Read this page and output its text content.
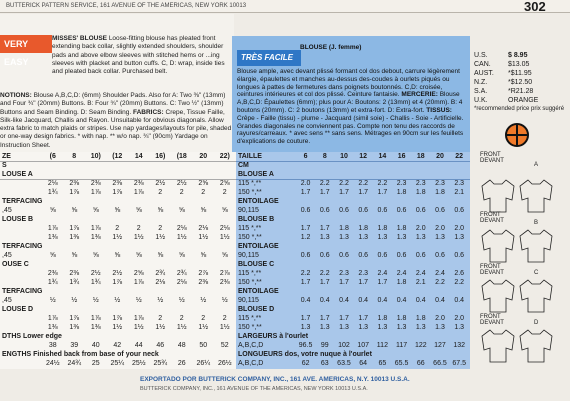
BUTTERICK PATTERN SERVICE, 161 AVENUE OF THE AMERICAS, NEW YORK 10013	302
VERY EASY
MISSES' BLOUSE Loose-fitting blouse has pleated front extending back collar, slightly extended shoulders, shoulder pads and above elbow sleeves with stitched hems or ...ing sleeves with placket and button cuffs. C, D: wrap, inside ties and pleated back collar. Purchased belt.
NOTIONS: Blouse A,B,C,D: (6mm) Shoulder Pads. Also for A: Two ⅜" (13mm) and Four ¾" (20mm) Buttons. B: Four ¾" (20mm) Buttons. C: Two ½" (13mm) Buttons and Seam Binding. D: Seam Binding. FABRICS: Crepe, Tissue Faille, Silk-like Jacquard, Challis and Rayon. Unsuitable for obvious diagonals. Allow extra fabric to match plaids or stripes. Use nap yardages/layouts for pile, shaded or one-way design fabrics. * with nap. ** w/o nap. ¾" (90cm) Yardage on Instruction Sheet.
TRÈS FACILE
BLOUSE (J. femme)
Blouse ample, avec devant plissé formant col dos debout, carrure légèrement élargie, épaulettes et manches au-dessus des-coudes à ourlets piqués ou longues à pattes de fermetures dans poignets boutonnés. C,D: croisée, ceintures intérieures et col dos plissé. Ceinture fantaisie. MERCERIE: Blouse A,B,C,D: Épaulettes (6mm); plus pour A: Boutons: 2 (13mm) et 4 (20mm). B: 4 boutons (20mm). C: 2 boutons (13mm) et extra-fort. D: Extra-fort. TISSUS: Crêpe - Faille (tissu) - plume - Jacquard (simil soie) - Challis - Soie - Artificielle. Grandes diagonales ne conviennent pas. Compte non tenu des raccords de rayures/carreaux. * avec sens ** sans sens. Métrages en 90cm sur les feuillets d'explications de couture.
U.S.	$ 8.95
CAN.	$13.05
AUST.	*$11.95
N.Z.	*$12.50
S.A.	*R21.28
U.K.	ORANGE
*recommended price prix suggéré
ZE	(6	8	10)	(12	14	16)	(18	20	22)
S
LOUSE A
2⅛	2⅜	2⅜	2⅜	2⅜	2½	2½	2⅝	2⅝
1¾	1⅞	1⅞	1⅞	1⅞	2	2	2	2
TERFACING
,45	⅝	⅝	⅝	⅝	⅝	⅝	⅝	⅝	⅝
LOUSE B
1⅞	1⅞	1⅞	2	2	2	2⅛	2⅛	2⅛
1⅜	1⅜	1⅜	1½	1½	1½	1½	1½	1½
TERFACING
,45	⅝	⅝	⅝	⅝	⅝	⅝	⅝	⅝	⅝
OUSE C
2⅜	2⅜	2½	2½	2⅝	2¾	2¾	2⅞	2⅞
1¾	1¾	1¾	1⅞	1⅞	2⅛	2⅛	2⅜	2⅜
TERFACING
,45	½	½	½	½	½	½	½	½	½
LOUSE D
1⅞	1⅞	1⅞	1⅞	1⅞	2	2	2	2
1⅜	1⅜	1⅜	1½	1½	1½	1½	1½	1½
DTHS Lower edge
38	39	40	42	44	46	48	50	52
ENGTHS Finished back from base of your neck
24½	24¾	25	25¼	25½	25¾	26	26¼	26½
TAILLE	6	8	10	12	14	16	18	20	22
CM
BLOUSE A
115 *,**	2.0	2.2	2.2	2.2	2.2	2.3	2.3	2.3	2.3
150 *,**	1.7	1.7	1.7	1.7	1.7	1.8	1.8	1.8	2.1
ENTOILAGE
90,115	0.6	0.6	0.6	0.6	0.6	0.6	0.6	0.6	0.6
BLOUSE B
115 *,**	1.7	1.7	1.8	1.8	1.8	1.8	2.0	2.0	2.0
150 *,**	1.2	1.3	1.3	1.3	1.3	1.3	1.3	1.3	1.3
ENTOILAGE
90,115	0.6	0.6	0.6	0.6	0.6	0.6	0.6	0.6	0.6
BLOUSE C
115 *,**	2.2	2.2	2.3	2.3	2.4	2.4	2.4	2.4	2.6
150 *,**	1.7	1.7	1.7	1.7	1.7	1.8	2.1	2.2	2.2
ENTOILAGE
90,115	0.4	0.4	0.4	0.4	0.4	0.4	0.4	0.4	0.4
BLOUSE D
115 *,**	1.7	1.7	1.7	1.7	1.8	1.8	1.8	2.0	2.0
150 *,**	1.3	1.3	1.3	1.3	1.3	1.3	1.3	1.3	1.3
LARGEURS à l'ourlet
A,B,C,D	96.5	99	102	107	112	117	122	127	132
LONGUEURS dos, votre nuque à l'ourlet
A,B,C,D	62	63	63.5	64	65	65.5	66	66.5 67.5
FRONT DEVANT
A
FRONT DEVANT	B
FRONT DEVANT	C
FRONT DEVANT	D
EXPORTADO POR BUTTERICK COMPANY, INC., 161 AVE. AMERICAS, N.Y. 10013 U.S.A.
BUTTERICK COMPANY, INC., 161 AVENUE OF THE AMERICAS, NEW YORK 10013 U.S.A.
